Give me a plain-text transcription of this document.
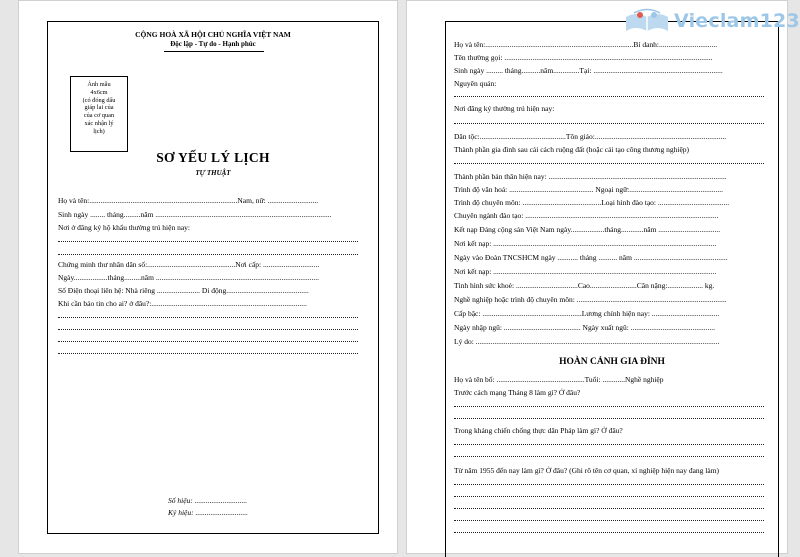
CỘNG HOÀ XÃ HỘI CHỦ NGHĨA VIỆT NAM
Độc lập - Tự do - Hạnh phúc
Ảnh mẫu
4x6cm
(có đóng dấu
giáp lai của
của cơ quan
xác nhận lý
lịch)
SƠ YẾU LÝ LỊCH
TỰ THUẬT
Họ và tên:...............................................................................Nam, nữ: ...........................
Sinh ngày ........ tháng.........năm ..............................................................................................
Nơi ở đăng ký hộ khẩu thường trú hiện nay:
Chứng minh thư nhân dân số:...............................................Nơi cấp: ..............................
Ngày..................tháng.........năm .......................................................................................
Số Điện thoại liên hệ: Nhà riêng ....................... Di động............................................
Khi cần báo tin cho ai? ở đâu?:...................................................................................
Số hiệu: ............................
Ký hiệu: ............................
Họ và tên:...............................................................................Bí danh:...............................
Tên thường gọi: ...............................................................................................................
Sinh ngày ......... tháng..........năm..............Tại: .....................................................................
Nguyên quán:
Nơi đăng ký thường trú hiện nay:
Dân tộc:..............................................Tôn giáo:......................................................................
Thành phần gia đình sau cải cách ruộng đất (hoặc cải tạo công thương nghiệp)
Thành phần bản thân hiện nay: ...............................................................................................
Trình độ văn hoá: ............................................. Ngoại ngữ:..................................................
Trình độ chuyên môn: ..........................................Loại hình đào tạo: ......................................
Chuyên ngành đào tạo: .......................................................................................................
Kết nạp Đảng cộng sản Việt Nam ngày..................tháng............năm .................................
Nơi kết nạp: .......................................................................................................................
Ngày vào Đoàn TNCSHCM ngày ........... tháng .......... năm ..................................................
Nơi kết nạp: .......................................................................................................................
Tình hình sức khoẻ: .................................Cao.........................Cân nặng:................... kg.
Nghề nghiệp hoặc trình độ chuyên môn: ................................................................................
Cấp bậc: .....................................................Lương chính hiện nay: ....................................
Ngày nhập ngũ: ......................................... Ngày xuất ngũ: .............................................
Lý do: ..................................................................................................................................
HOÀN CẢNH GIA ĐÌNH
Họ và tên bố: ...............................................Tuổi: ............Nghề nghiệp
Trước cách mạng Tháng 8 làm gì? Ở đâu?
Trong kháng chiến chống thực dân Pháp làm gì? Ở đâu?
Từ năm 1955 đến nay làm gì? Ở đâu? (Ghi rõ tên cơ quan, xí nghiệp hiện nay đang làm)
Vieclam123
